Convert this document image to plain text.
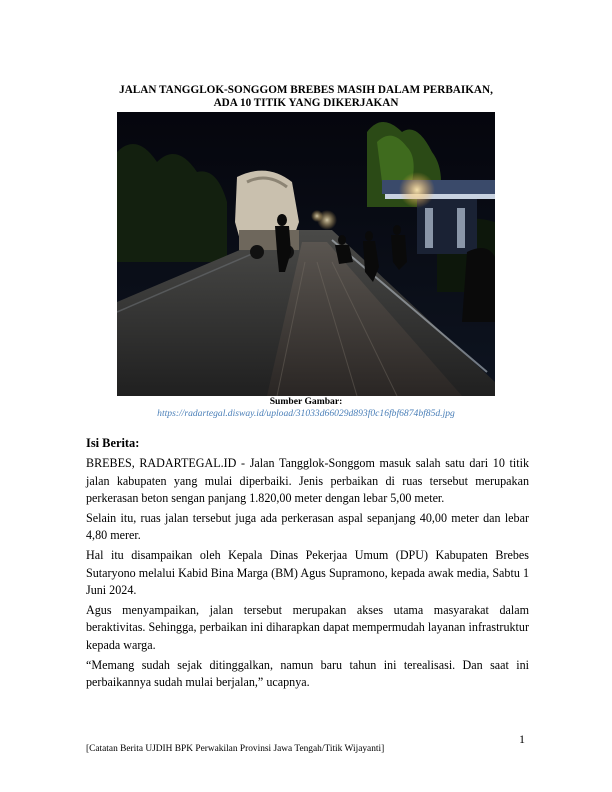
JALAN TANGGLOK-SONGGOM BREBES MASIH DALAM PERBAIKAN,
ADA 10 TITIK YANG DIKERJAKAN
Sumber Gambar:
https://radartegal.disway.id/upload/31033d66029d893f0c16fbf6874bf85d.jpg
Isi Berita:

BREBES, RADARTEGAL.ID - Jalan Tangglok-Songgom masuk salah satu dari 10 titik jalan kabupaten yang mulai diperbaiki. Jenis perbaikan di ruas tersebut merupakan perkerasan beton sengan panjang 1.820,00 meter dengan lebar 5,00 meter.

Selain itu, ruas jalan tersebut juga ada perkerasan aspal sepanjang 40,00 meter dan lebar 4,80 merer.

Hal itu disampaikan oleh Kepala Dinas Pekerjaa Umum (DPU) Kabupaten Brebes Sutaryono melalui Kabid Bina Marga (BM) Agus Supramono, kepada awak media, Sabtu 1 Juni 2024.

Agus menyampaikan, jalan tersebut merupakan akses utama masyarakat dalam beraktivitas. Sehingga, perbaikan ini diharapkan dapat mempermudah layanan infrastruktur kepada warga.

“Memang sudah sejak ditinggalkan, namun baru tahun ini terealisasi. Dan saat ini perbaikannya sudah mulai berjalan,” ucapnya.

1
[Catatan Berita UJDIH BPK Perwakilan Provinsi Jawa Tengah/Titik Wijayanti]
